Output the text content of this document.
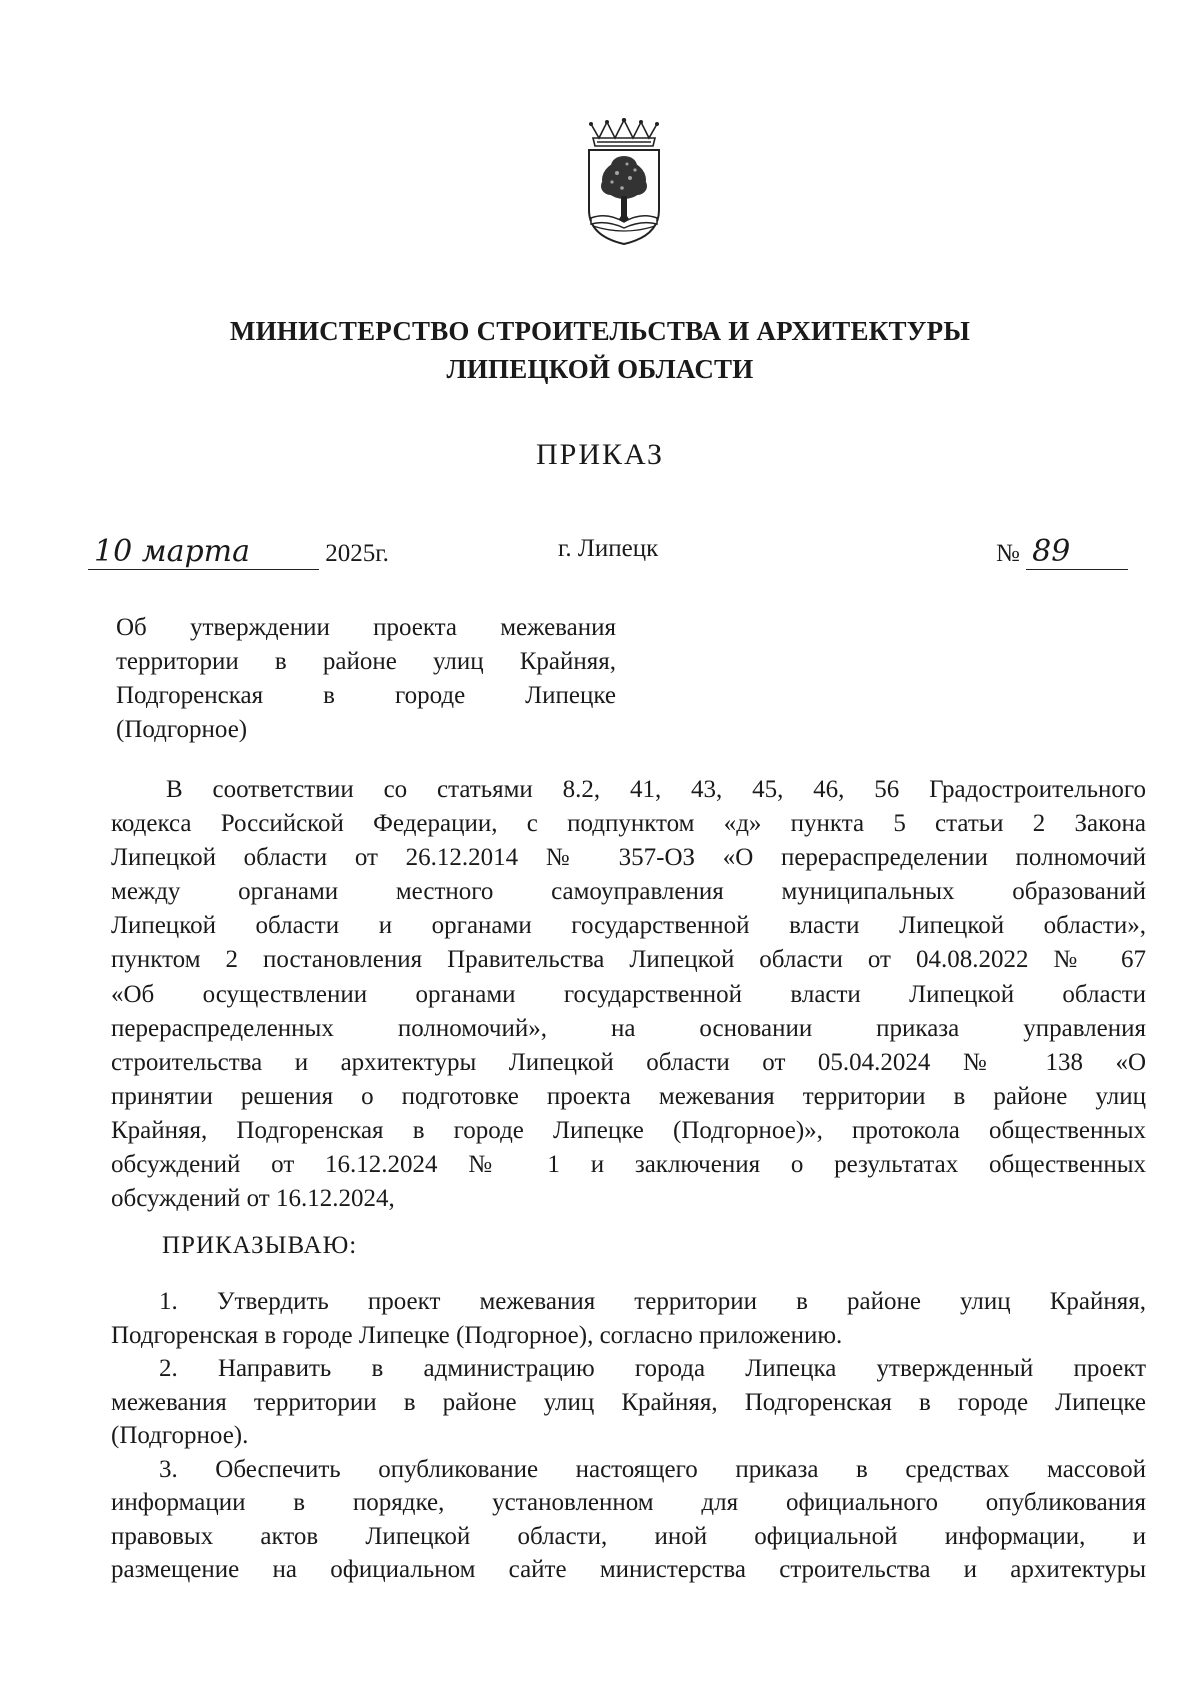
МИНИСТЕРСТВО СТРОИТЕЛЬСТВА И АРХИТЕКТУРЫ
ЛИПЕЦКОЙ ОБЛАСТИ
ПРИКАЗ
10 марта	2025г.	г. Липецк	№ 89
Об утверждении проекта межевания
территории в районе улиц Крайняя,
Подгоренская в городе Липецке
(Подгорное)
В соответствии со статьями 8.2, 41, 43, 45, 46, 56 Градостроительного
кодекса Российской Федерации, с подпунктом «д» пункта 5 статьи 2 Закона
Липецкой области от 26.12.2014 № 357-ОЗ «О перераспределении полномочий
между органами местного самоуправления муниципальных образований
Липецкой области и органами государственной власти Липецкой области»,
пунктом 2 постановления Правительства Липецкой области от 04.08.2022 № 67
«Об осуществлении органами государственной власти Липецкой области
перераспределенных полномочий», на основании приказа управления
строительства и архитектуры Липецкой области от 05.04.2024 № 138 «О
принятии решения о подготовке проекта межевания территории в районе улиц
Крайняя, Подгоренская в городе Липецке (Подгорное)», протокола общественных
обсуждений от 16.12.2024 № 1 и заключения о результатах общественных
обсуждений от 16.12.2024,
ПРИКАЗЫВАЮ:
1. Утвердить проект межевания территории в районе улиц Крайняя,
Подгоренская в городе Липецке (Подгорное), согласно приложению.
2. Направить в администрацию города Липецка утвержденный проект
межевания территории в районе улиц Крайняя, Подгоренская в городе Липецке
(Подгорное).
3. Обеспечить опубликование настоящего приказа в средствах массовой
информации в порядке, установленном для официального опубликования
правовых актов Липецкой области, иной официальной информации, и
размещение на официальном сайте министерства строительства и архитектуры
